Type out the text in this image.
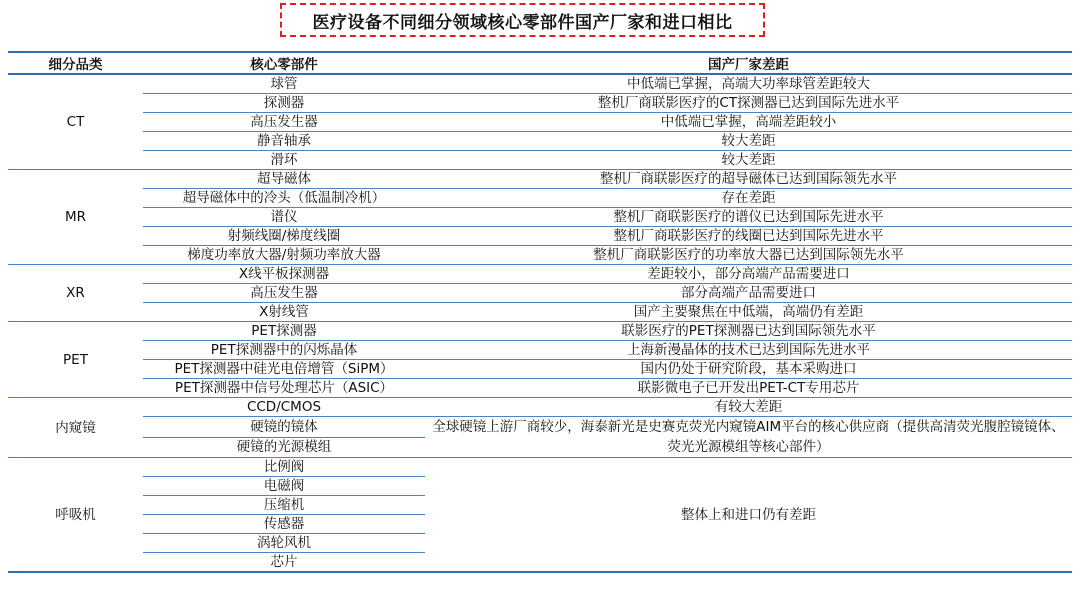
医疗设备不同细分领域核心零部件国产厂家和进口相比
细分品类	核心零部件	国产厂家差距
CT	球管	中低端已掌握，高端大功率球管差距较大
	探测器	整机厂商联影医疗的CT探测器已达到国际先进水平
	高压发生器	中低端已掌握，高端差距较小
	静音轴承	较大差距
	滑环	较大差距
MR	超导磁体	整机厂商联影医疗的超导磁体已达到国际领先水平
	超导磁体中的冷头（低温制冷机）	存在差距
	谱仪	整机厂商联影医疗的谱仪已达到国际先进水平
	射频线圈/梯度线圈	整机厂商联影医疗的线圈已达到国际先进水平
	梯度功率放大器/射频功率放大器	整机厂商联影医疗的功率放大器已达到国际领先水平
XR	X线平板探测器	差距较小，部分高端产品需要进口
	高压发生器	部分高端产品需要进口
	X射线管	国产主要聚焦在中低端，高端仍有差距
PET	PET探测器	联影医疗的PET探测器已达到国际领先水平
	PET探测器中的闪烁晶体	上海新漫晶体的技术已达到国际先进水平
	PET探测器中硅光电倍增管（SiPM）	国内仍处于研究阶段，基本采购进口
	PET探测器中信号处理芯片（ASIC）	联影微电子已开发出PET-CT专用芯片
内窥镜	CCD/CMOS	有较大差距
	硬镜的镜体	全球硬镜上游厂商较少，海泰新光是史赛克荧光内窥镜AIM平台的核心供应商（提供高清荧光腹腔镜镜体、荧光光源模组等核心部件）
	硬镜的光源模组	
呼吸机	比例阀	整体上和进口仍有差距
	电磁阀	
	压缩机	
	传感器	
	涡轮风机	
	芯片	
